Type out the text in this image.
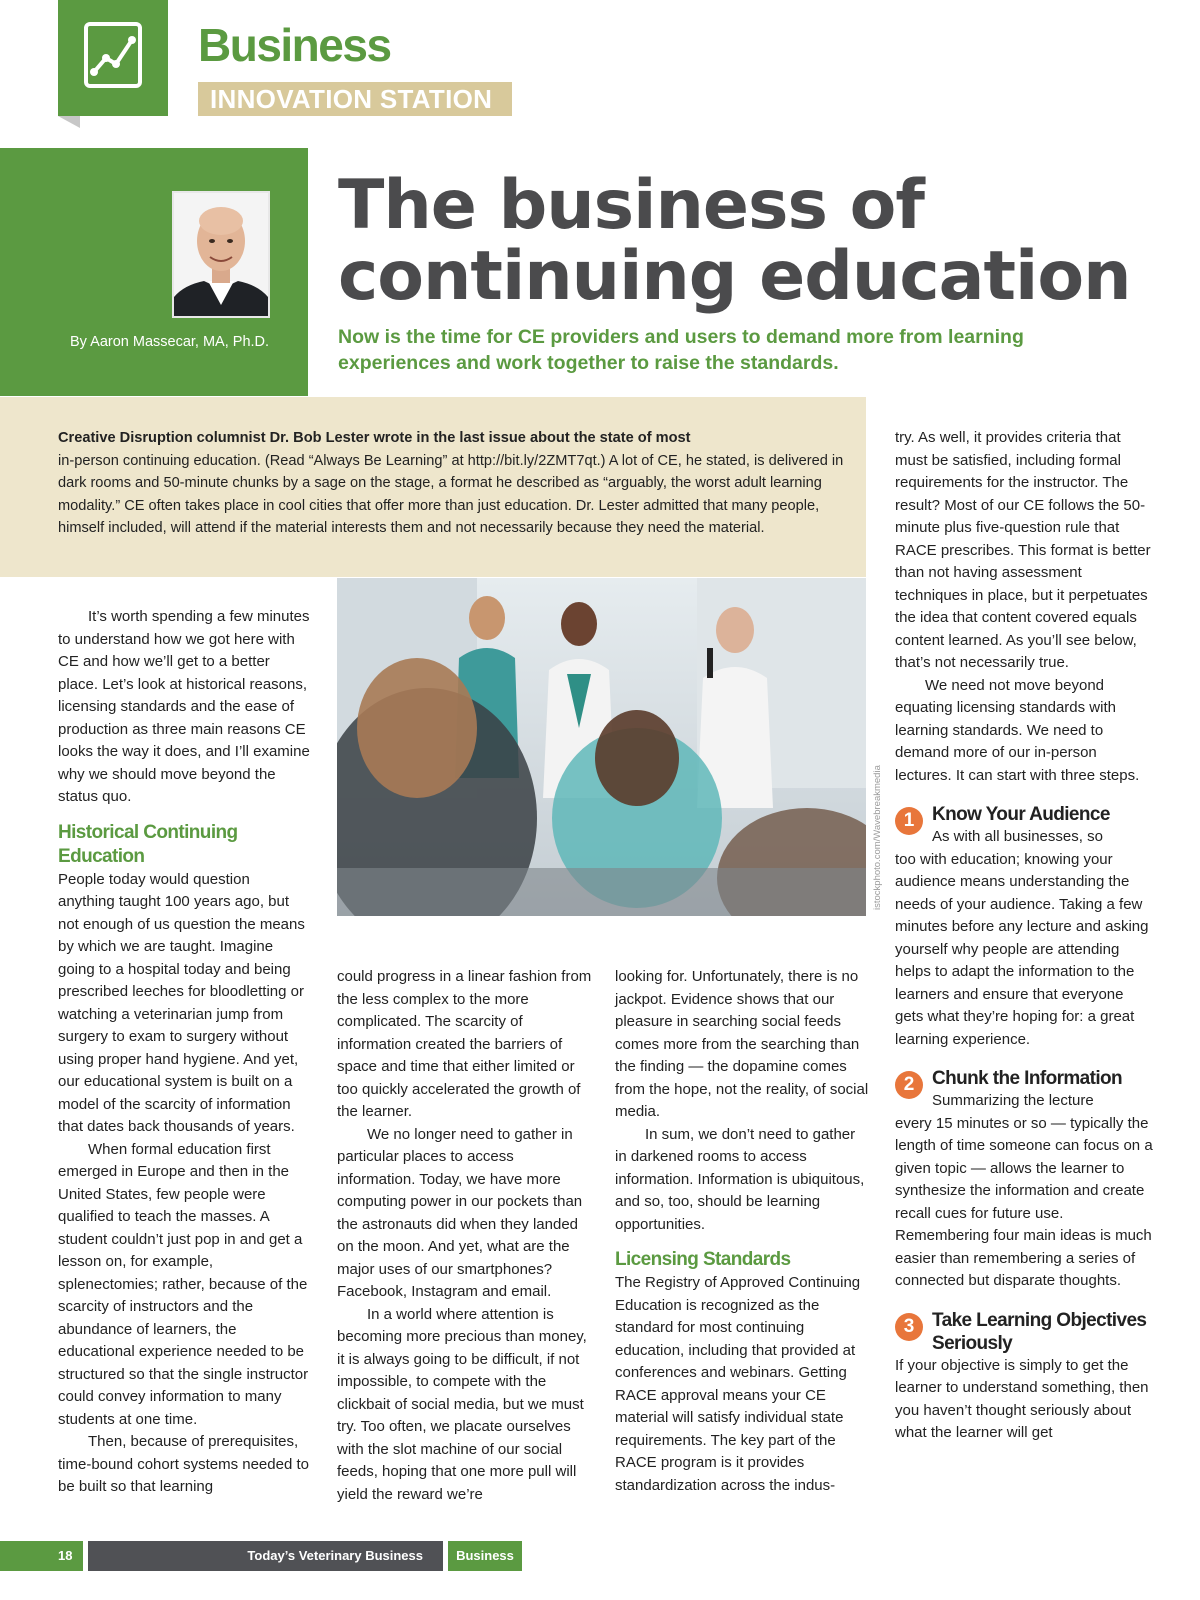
Business
INNOVATION STATION
By Aaron Massecar, MA, Ph.D.
The business of
continuing education

Now is the time for CE providers and users to demand more from learning experiences and work together to raise the standards.

Creative Disruption columnist Dr. Bob Lester wrote in the last issue about the state of most
in-person continuing education. (Read “Always Be Learning” at http://bit.ly/2ZMT7qt.) A lot of CE, he stated, is delivered in dark rooms and 50-minute chunks by a sage on the stage, a format he described as “arguably, the worst adult learning modality.” CE often takes place in cool cities that offer more than just education. Dr. Lester admitted that many people, himself included, will attend if the material interests them and not necessarily because they need the material.

istockphoto.com/Wavebreakmedia

It’s worth spending a few minutes to understand how we got here with CE and how we’ll get to a better place. Let’s look at historical reasons, licensing standards and the ease of production as three main reasons CE looks the way it does, and I’ll examine why we should move beyond the status quo.

Historical Continuing Education

People today would question anything taught 100 years ago, but not enough of us question the means by which we are taught. Imagine going to a hospital today and being prescribed leeches for bloodletting or watching a veterinarian jump from surgery to exam to surgery without using proper hand hygiene. And yet, our educational system is built on a model of the scarcity of information that dates back thousands of years.

When formal education first emerged in Europe and then in the United States, few people were qualified to teach the masses. A student couldn’t just pop in and get a lesson on, for example, splenectomies; rather, because of the scarcity of instructors and the abundance of learners, the educational experience needed to be structured so that the single instructor could convey information to many students at one time.

Then, because of prerequisites, time-bound cohort systems needed to be built so that learning

could progress in a linear fashion from the less complex to the more complicated. The scarcity of information created the barriers of space and time that either limited or too quickly accelerated the growth of the learner.

We no longer need to gather in particular places to access information. Today, we have more computing power in our pockets than the astronauts did when they landed on the moon. And yet, what are the major uses of our smartphones? Facebook, Instagram and email.

In a world where attention is becoming more precious than money, it is always going to be difficult, if not impossible, to compete with the clickbait of social media, but we must try. Too often, we placate ourselves with the slot machine of our social feeds, hoping that one more pull will yield the reward we’re

looking for. Unfortunately, there is no jackpot. Evidence shows that our pleasure in searching social feeds comes more from the searching than the finding — the dopamine comes from the hope, not the reality, of social media.

In sum, we don’t need to gather in darkened rooms to access information. Information is ubiquitous, and so, too, should be learning opportunities.

Licensing Standards

The Registry of Approved Continuing Education is recognized as the standard for most continuing education, including that provided at conferences and webinars. Getting RACE approval means your CE material will satisfy individual state requirements. The key part of the RACE program is it provides standardization across the indus-

try. As well, it provides criteria that must be satisfied, including formal requirements for the instructor. The result? Most of our CE follows the 50-minute plus five-question rule that RACE prescribes. This format is better than not having assessment techniques in place, but it perpetuates the idea that content covered equals content learned. As you’ll see below, that’s not necessarily true.

We need not move beyond equating licensing standards with learning standards. We need to demand more of our in-person lectures. It can start with three steps.

1 Know Your Audience
As with all businesses, so

too with education; knowing your audience means understanding the needs of your audience. Taking a few minutes before any lecture and asking yourself why people are attending helps to adapt the information to the learners and ensure that everyone gets what they’re hoping for: a great learning experience.

2 Chunk the Information
Summarizing the lecture

every 15 minutes or so — typically the length of time someone can focus on a given topic — allows the learner to synthesize the information and create recall cues for future use. Remembering four main ideas is much easier than remembering a series of connected but disparate thoughts.

3 Take Learning Objectives Seriously

If your objective is simply to get the learner to understand something, then you haven’t thought seriously about what the learner will get

18	Today’s Veterinary Business	Business
